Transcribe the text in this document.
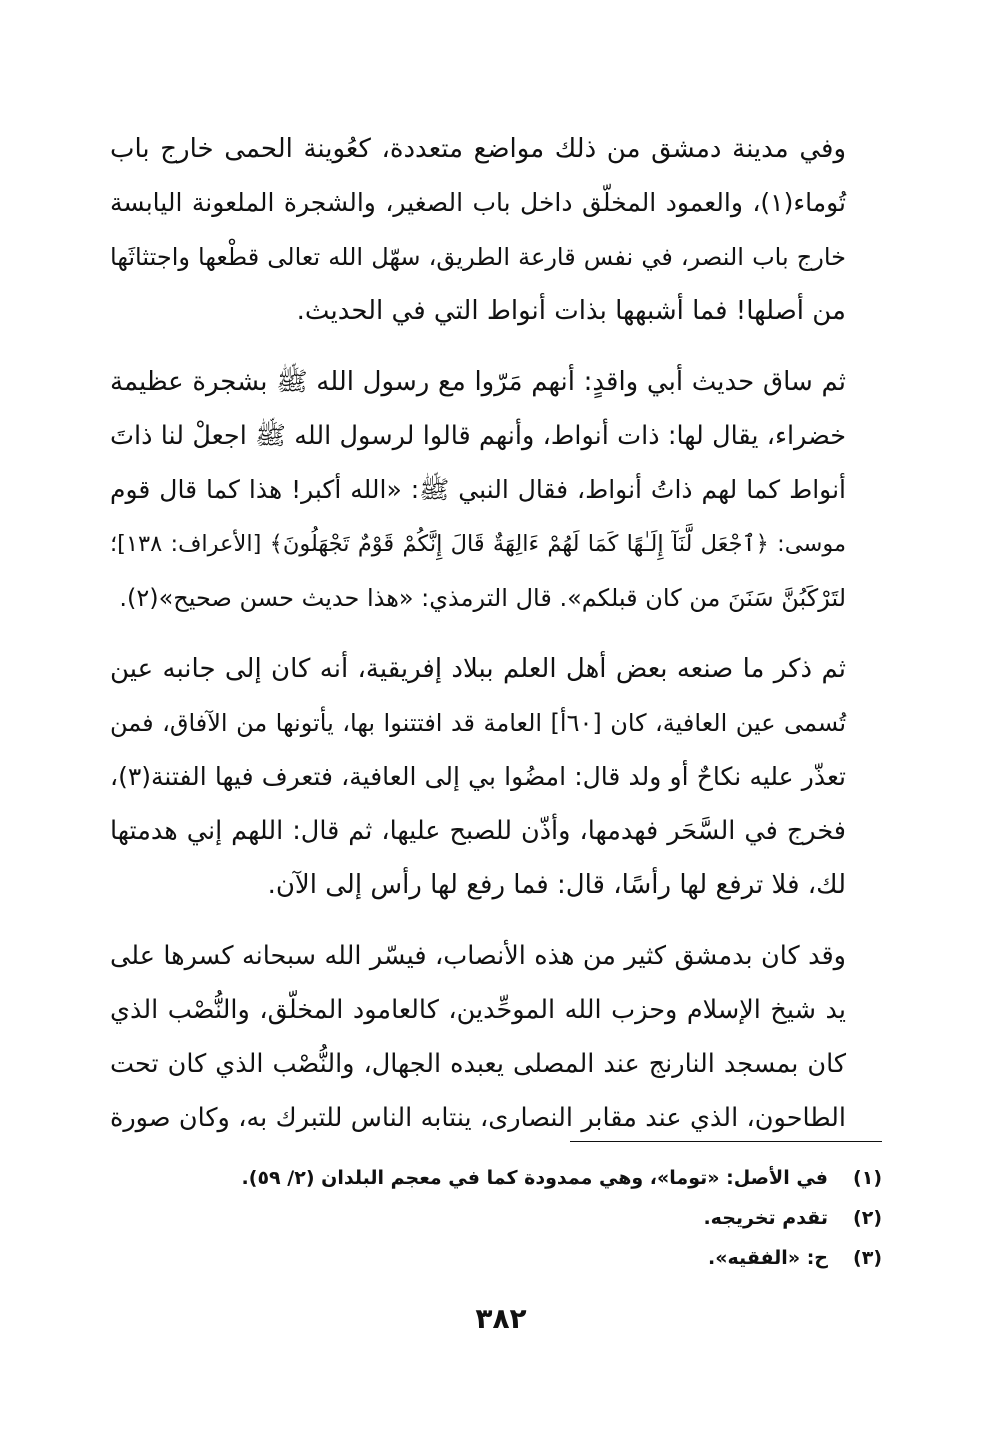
وفي مدينة دمشق من ذلك مواضع متعددة، كعُوينة الحمى خارج باب
تُوماء(١)، والعمود المخلّق داخل باب الصغير، والشجرة الملعونة اليابسة
خارج باب النصر، في نفس قارعة الطريق، سهّل الله تعالى قطْعها واجتثاثَها
من أصلها! فما أشبهها بذات أنواط التي في الحديث.

ثم ساق حديث أبي واقدٍ: أنهم مَرّوا مع رسول الله ﷺ بشجرة عظيمة
خضراء، يقال لها: ذات أنواط، وأنهم قالوا لرسول الله ﷺ اجعلْ لنا ذاتَ
أنواط كما لهم ذاتُ أنواط، فقال النبي ﷺ: «الله أكبر! هذا كما قال قوم
موسى: ﴿ٱجْعَل لَّنَآ إِلَـٰهًا كَمَا لَهُمْ ءَالِهَةٌ قَالَ إِنَّكُمْ قَوْمٌ تَجْهَلُونَ﴾ [الأعراف: ١٣٨]؛
لتَرْكَبُنَّ سَنَنَ من كان قبلكم». قال الترمذي: «هذا حديث حسن صحيح»(٢).

ثم ذكر ما صنعه بعض أهل العلم ببلاد إفريقية، أنه كان إلى جانبه عين
تُسمى عين العافية، كان [٦٠أ] العامة قد افتتنوا بها، يأتونها من الآفاق، فمن
تعذّر عليه نكاحٌ أو ولد قال: امضُوا بي إلى العافية، فتعرف فيها الفتنة(٣)،
فخرج في السَّحَر فهدمها، وأذّن للصبح عليها، ثم قال: اللهم إني هدمتها
لك، فلا ترفع لها رأسًا، قال: فما رفع لها رأس إلى الآن.

وقد كان بدمشق كثير من هذه الأنصاب، فيسّر الله سبحانه كسرها على
يد شيخ الإسلام وحزب الله الموحِّدين، كالعامود المخلّق، والنُّصْب الذي
كان بمسجد النارنج عند المصلى يعبده الجهال، والنُّصْب الذي كان تحت
الطاحون، الذي عند مقابر النصارى، ينتابه الناس للتبرك به، وكان صورة

(١)في الأصل: «توما»، وهي ممدودة كما في معجم البلدان (٢/ ٥٩).
(٢)تقدم تخريجه.
(٣)ح: «الفقيه».
٣٨٢
